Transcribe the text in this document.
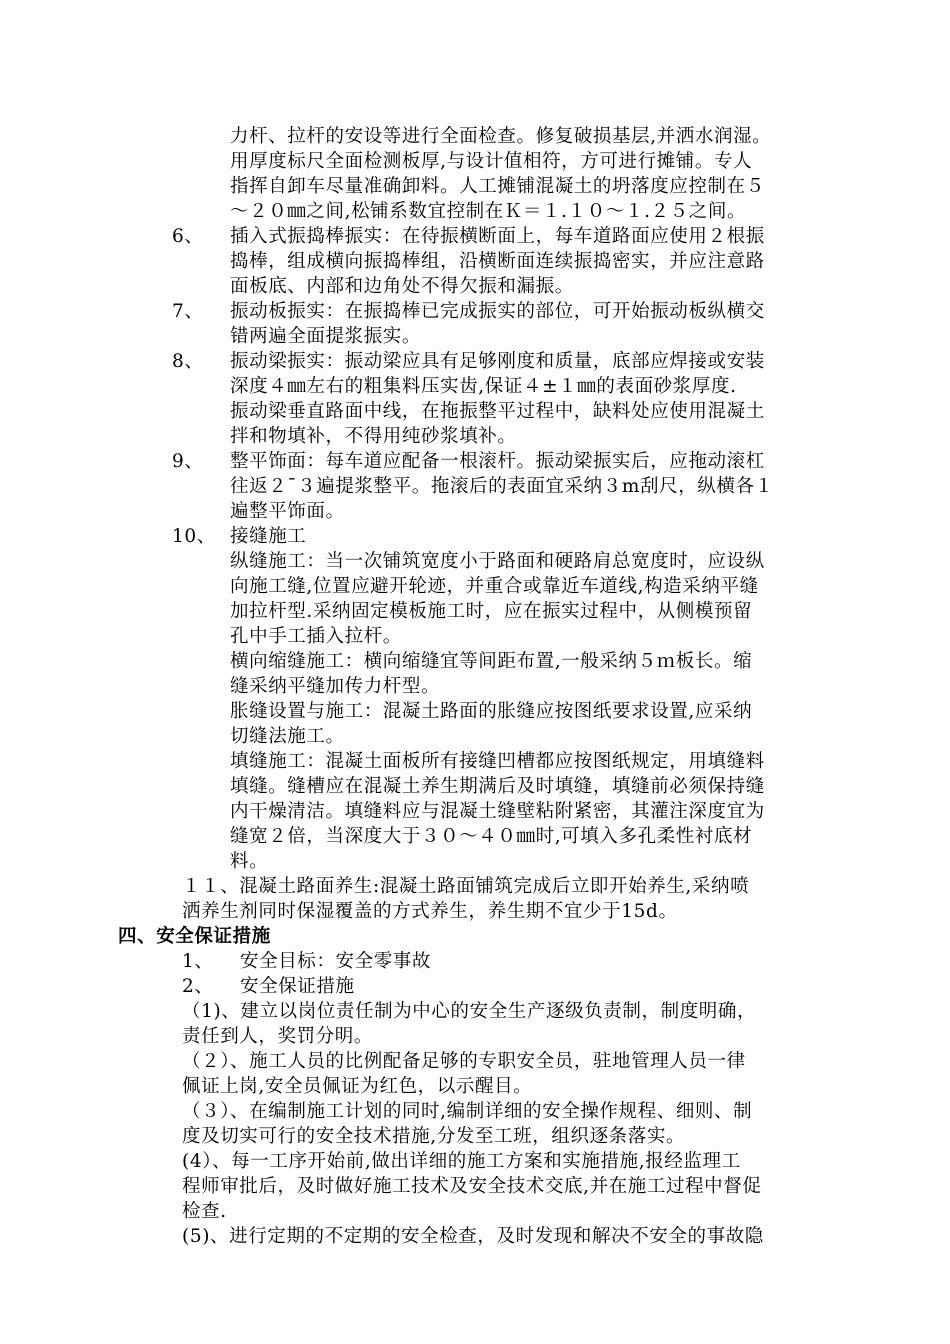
力杆、拉杆的安设等进行全面检查。修复破损基层,并洒水润湿。
用厚度标尺全面检测板厚,与设计值相符，方可进行摊铺。专人
指挥自卸车尽量准确卸料。人工摊铺混凝土的坍落度应控制在５
～２０㎜之间,松铺系数宜控制在Ｋ＝１.１０～１.２５之间。
6、 插入式振捣棒振实：在待振横断面上，每车道路面应使用２根振
捣棒，组成横向振捣棒组，沿横断面连续振捣密实，并应注意路
面板底、内部和边角处不得欠振和漏振。
7、 振动板振实：在振捣棒已完成振实的部位，可开始振动板纵横交
错两遍全面提浆振实。
8、 振动梁振实：振动梁应具有足够刚度和质量，底部应焊接或安装
深度４㎜左右的粗集料压实齿,保证４±１㎜的表面砂浆厚度.
振动梁垂直路面中线，在拖振整平过程中，缺料处应使用混凝土
拌和物填补，不得用纯砂浆填补。
9、 整平饰面：每车道应配备一根滚杆。振动梁振实后，应拖动滚杠
往返２¯３遍提浆整平。拖滚后的表面宜采纳３m刮尺，纵横各１
遍整平饰面。
10、 接缝施工
纵缝施工：当一次铺筑宽度小于路面和硬路肩总宽度时，应设纵
向施工缝,位置应避开轮迹，并重合或靠近车道线,构造采纳平缝
加拉杆型.采纳固定模板施工时，应在振实过程中，从侧模预留
孔中手工插入拉杆。
横向缩缝施工：横向缩缝宜等间距布置,一般采纳５ｍ板长。缩
缝采纳平缝加传力杆型。
胀缝设置与施工：混凝土路面的胀缝应按图纸要求设置,应采纳
切缝法施工。
填缝施工：混凝土面板所有接缝凹槽都应按图纸规定，用填缝料
填缝。缝槽应在混凝土养生期满后及时填缝，填缝前必须保持缝
内干燥清洁。填缝料应与混凝土缝壁粘附紧密，其灌注深度宜为
缝宽２倍，当深度大于３０～４０㎜时,可填入多孔柔性衬底材
料。
１１、混凝土路面养生:混凝土路面铺筑完成后立即开始养生,采纳喷
洒养生剂同时保湿覆盖的方式养生，养生期不宜少于15d。
四、安全保证措施
1、 安全目标：安全零事故
2、 安全保证措施
（1)、建立以岗位责任制为中心的安全生产逐级负责制，制度明确，
责任到人，奖罚分明。
（２）、施工人员的比例配备足够的专职安全员，驻地管理人员一律
佩证上岗,安全员佩证为红色，以示醒目。
（３）、在编制施工计划的同时,编制详细的安全操作规程、细则、制
度及切实可行的安全技术措施,分发至工班，组织逐条落实。
(4）、每一工序开始前,做出详细的施工方案和实施措施,报经监理工
程师审批后，及时做好施工技术及安全技术交底,并在施工过程中督促
检查.
(5)、进行定期的不定期的安全检查，及时发现和解决不安全的事故隐
